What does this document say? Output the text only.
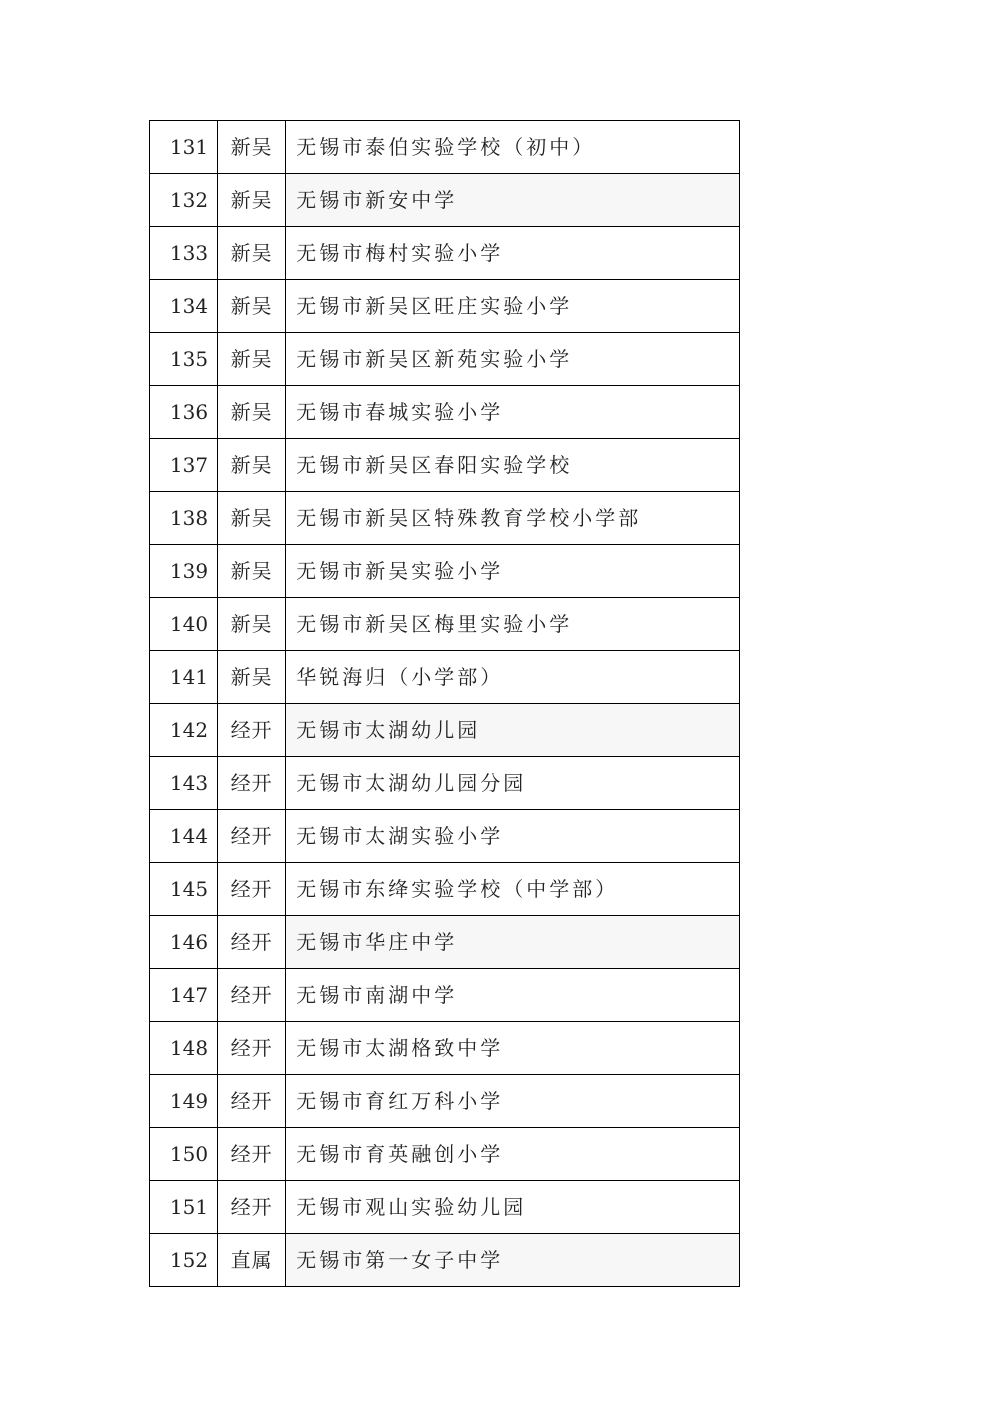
131	新吴	无锡市泰伯实验学校（初中）
132	新吴	无锡市新安中学
133	新吴	无锡市梅村实验小学
134	新吴	无锡市新吴区旺庄实验小学
135	新吴	无锡市新吴区新苑实验小学
136	新吴	无锡市春城实验小学
137	新吴	无锡市新吴区春阳实验学校
138	新吴	无锡市新吴区特殊教育学校小学部
139	新吴	无锡市新吴实验小学
140	新吴	无锡市新吴区梅里实验小学
141	新吴	华锐海归（小学部）
142	经开	无锡市太湖幼儿园
143	经开	无锡市太湖幼儿园分园
144	经开	无锡市太湖实验小学
145	经开	无锡市东绛实验学校（中学部）
146	经开	无锡市华庄中学
147	经开	无锡市南湖中学
148	经开	无锡市太湖格致中学
149	经开	无锡市育红万科小学
150	经开	无锡市育英融创小学
151	经开	无锡市观山实验幼儿园
152	直属	无锡市第一女子中学
